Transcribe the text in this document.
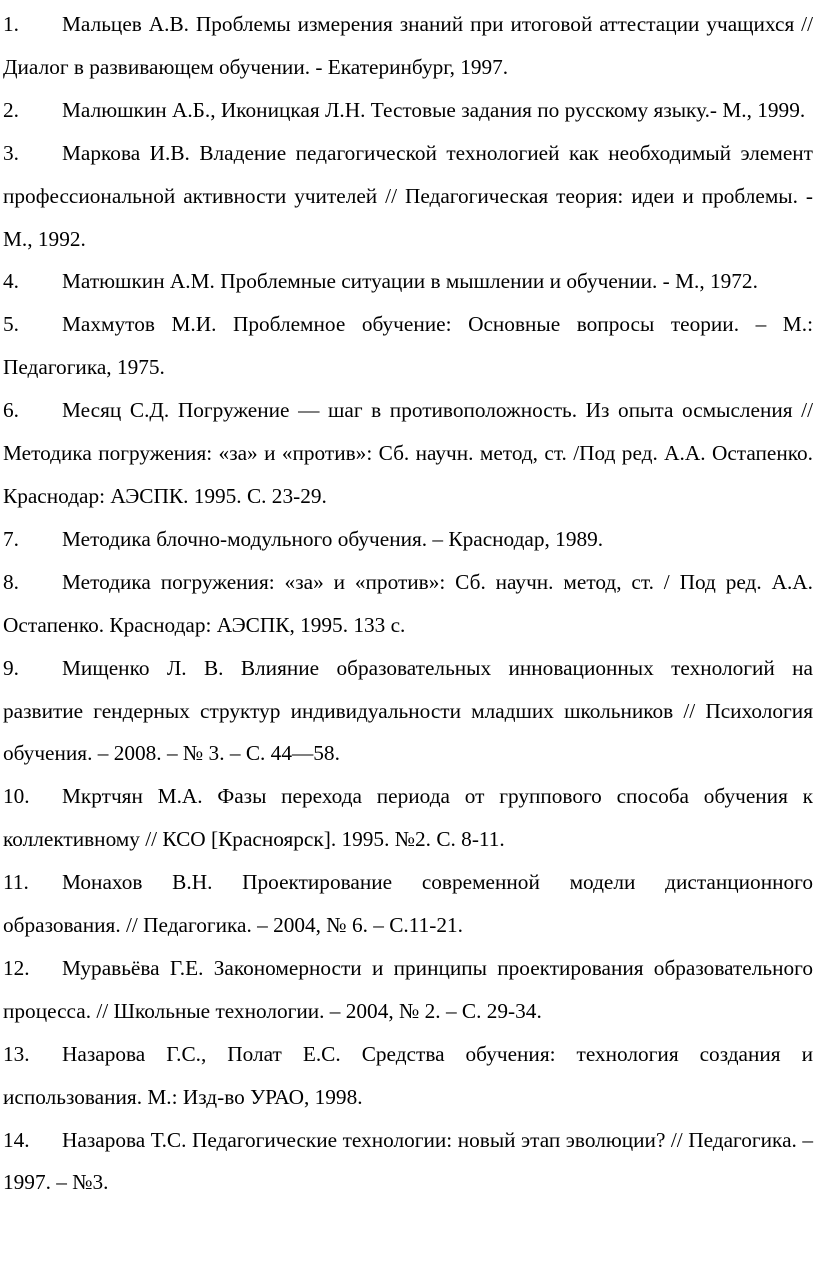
1. Мальцев А.В. Проблемы измерения знаний при итоговой аттестации учащихся // Диалог в развивающем обучении. - Екатеринбург, 1997.

2. Малюшкин А.Б., Иконицкая Л.Н. Тестовые задания по русскому языку.- М., 1999.

3. Маркова И.В. Владение педагогической технологией как необходимый элемент профессиональной активности учителей // Педагогическая теория: идеи и проблемы. - М., 1992.

4. Матюшкин А.М. Проблемные ситуации в мышлении и обучении. - М., 1972.

5. Махмутов М.И. Проблемное обучение: Основные вопросы теории. – М.: Педагогика, 1975.

6. Месяц С.Д. Погружение — шаг в противоположность. Из опыта осмысления // Методика погружения: «за» и «против»: Сб. научн. метод, ст. /Под ред. А.А. Остапенко. Краснодар: АЭСПК. 1995. С. 23-29.

7. Методика блочно-модульного обучения. – Краснодар, 1989.

8. Методика погружения: «за» и «против»: Сб. научн. метод, ст. / Под ред. А.А. Остапенко. Краснодар: АЭСПК, 1995. 133 с.

9. Мищенко Л. В. Влияние образовательных инновационных технологий на развитие гендерных структур индивидуальности младших школьников // Психология обучения. – 2008. – № 3. – С. 44—58.

10. Мкртчян М.А. Фазы перехода периода от группового способа обучения к коллективному // КСО [Красноярск]. 1995. №2. С. 8-11.

11. Монахов В.Н. Проектирование современной модели дистанционного образования. // Педагогика. – 2004, № 6. – С.11-21.

12. Муравьёва Г.Е. Закономерности и принципы проектирования образовательного процесса. // Школьные технологии. – 2004, № 2. – С. 29-34.

13. Назарова Г.С., Полат Е.С. Средства обучения: технология создания и использования. М.: Изд-во УРАО, 1998.

14. Назарова Т.С. Педагогические технологии: новый этап эволюции? // Педагогика. – 1997. – №3.
